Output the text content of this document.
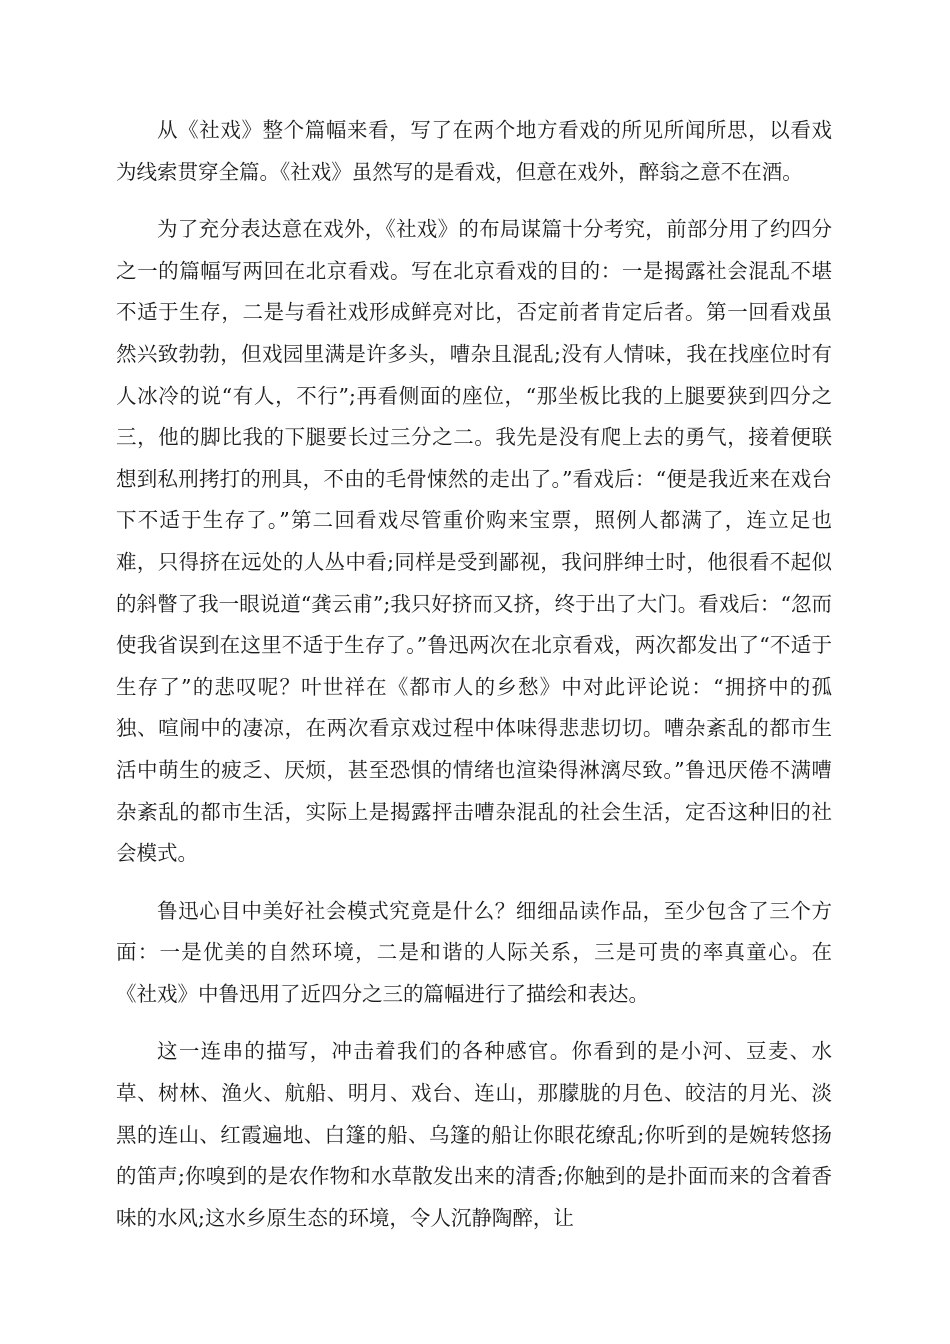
从《社戏》整个篇幅来看，写了在两个地方看戏的所见所闻所思，以看戏为线索贯穿全篇。《社戏》虽然写的是看戏，但意在戏外，醉翁之意不在酒。

为了充分表达意在戏外，《社戏》的布局谋篇十分考究，前部分用了约四分之一的篇幅写两回在北京看戏。写在北京看戏的目的：一是揭露社会混乱不堪不适于生存，二是与看社戏形成鲜亮对比，否定前者肯定后者。第一回看戏虽然兴致勃勃，但戏园里满是许多头，嘈杂且混乱;没有人情味，我在找座位时有人冰冷的说“有人，不行”;再看侧面的座位，“那坐板比我的上腿要狭到四分之三，他的脚比我的下腿要长过三分之二。我先是没有爬上去的勇气，接着便联想到私刑拷打的刑具，不由的毛骨悚然的走出了。”看戏后：“便是我近来在戏台下不适于生存了。”第二回看戏尽管重价购来宝票，照例人都满了，连立足也难，只得挤在远处的人丛中看;同样是受到鄙视，我问胖绅士时，他很看不起似的斜瞥了我一眼说道“龚云甫”;我只好挤而又挤，终于出了大门。看戏后：“忽而使我省误到在这里不适于生存了。”鲁迅两次在北京看戏，两次都发出了“不适于生存了”的悲叹呢？叶世祥在《都市人的乡愁》中对此评论说：“拥挤中的孤独、喧闹中的凄凉，在两次看京戏过程中体味得悲悲切切。嘈杂紊乱的都市生活中萌生的疲乏、厌烦，甚至恐惧的情绪也渲染得淋漓尽致。”鲁迅厌倦不满嘈杂紊乱的都市生活，实际上是揭露抨击嘈杂混乱的社会生活，定否这种旧的社会模式。

鲁迅心目中美好社会模式究竟是什么？细细品读作品，至少包含了三个方面：一是优美的自然环境，二是和谐的人际关系，三是可贵的率真童心。在《社戏》中鲁迅用了近四分之三的篇幅进行了描绘和表达。

这一连串的描写，冲击着我们的各种感官。你看到的是小河、豆麦、水草、树林、渔火、航船、明月、戏台、连山，那朦胧的月色、皎洁的月光、淡黑的连山、红霞遍地、白篷的船、乌篷的船让你眼花缭乱;你听到的是婉转悠扬的笛声;你嗅到的是农作物和水草散发出来的清香;你触到的是扑面而来的含着香味的水风;这水乡原生态的环境，令人沉静陶醉，让
